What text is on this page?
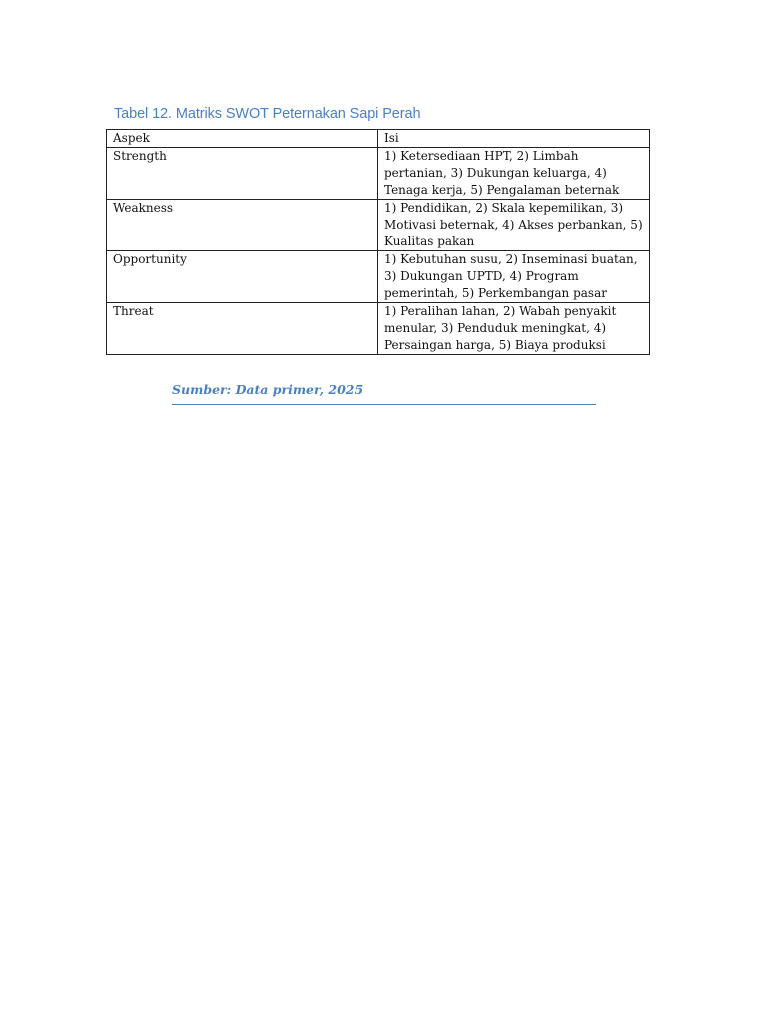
Tabel 12. Matriks SWOT Peternakan Sapi Perah
Aspek	Isi
Strength	1) Ketersediaan HPT, 2) Limbah pertanian, 3) Dukungan keluarga, 4) Tenaga kerja, 5) Pengalaman beternak
Weakness	1) Pendidikan, 2) Skala kepemilikan, 3) Motivasi beternak, 4) Akses perbankan, 5) Kualitas pakan
Opportunity	1) Kebutuhan susu, 2) Inseminasi buatan, 3) Dukungan UPTD, 4) Program pemerintah, 5) Perkembangan pasar
Threat	1) Peralihan lahan, 2) Wabah penyakit menular, 3) Penduduk meningkat, 4) Persaingan harga, 5) Biaya produksi
Sumber: Data primer, 2025
